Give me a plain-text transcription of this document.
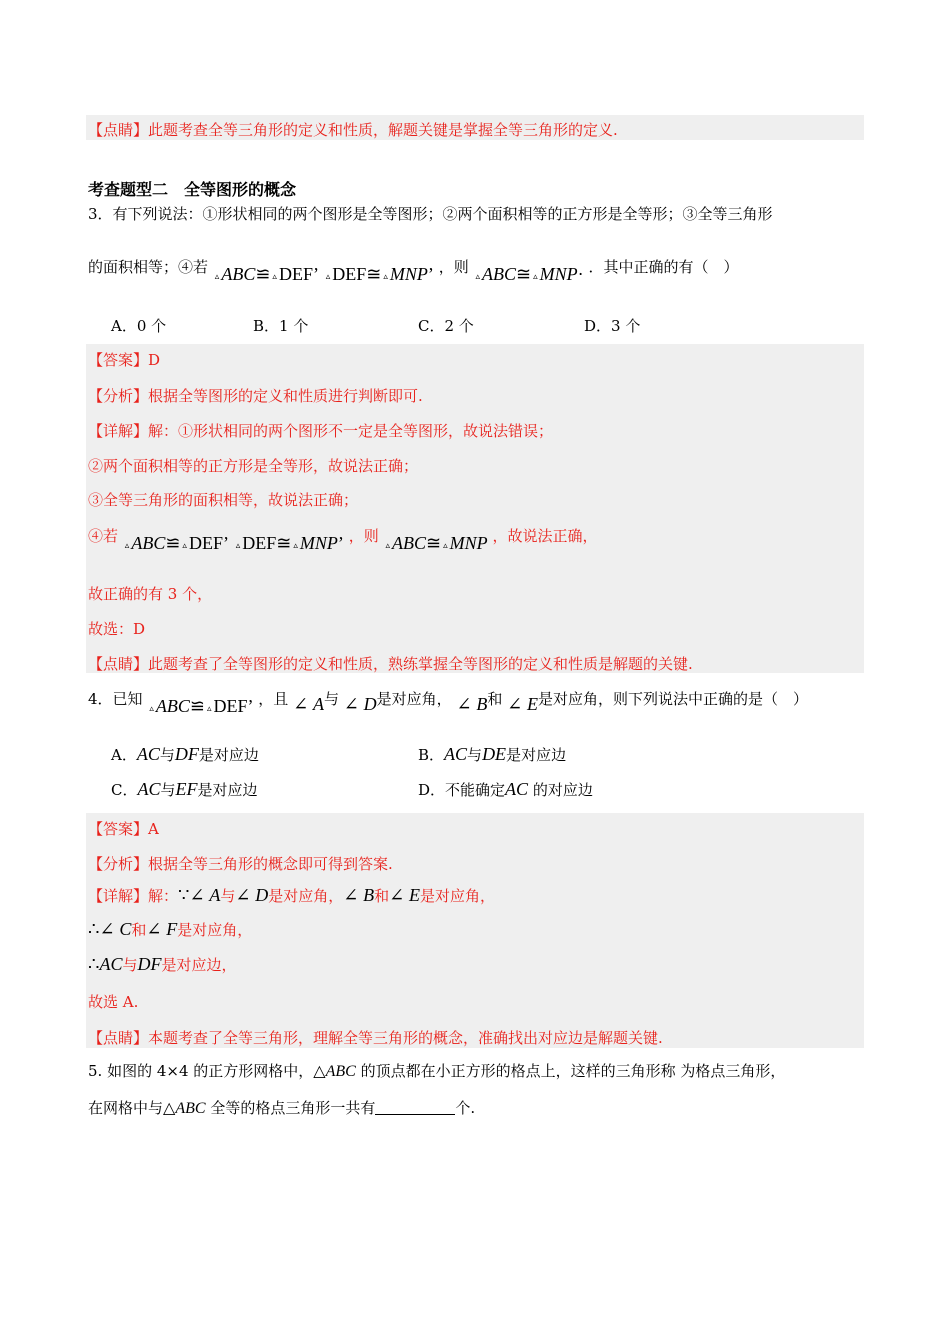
【点睛】此题考查全等三角形的定义和性质，解题关键是掌握全等三角形的定义.
考查题型二　全等图形的概念
3．有下列说法：①形状相同的两个图形是全等图形；②两个面积相等的正方形是全等形；③全等三角形
的面积相等；④若 ▵ ABC≌ ▵ DEF’ ▵ DEF≅ ▵ MNP’ ，则 ▵ ABC≅ ▵ MNP· ．其中正确的有（　）
A．0 个	B．1 个	C．2 个	D．3 个
【答案】D
【分析】根据全等图形的定义和性质进行判断即可.
【详解】解：①形状相同的两个图形不一定是全等图形，故说法错误；
②两个面积相等的正方形是全等形，故说法正确；
③全等三角形的面积相等，故说法正确；
④若 ▵ ABC≌ ▵ DEF’ ▵ DEF≅ ▵ MNP’ ，则 ▵ ABC≅ ▵ MNP ，故说法正确，
故正确的有 3 个，
故选：D
【点睛】此题考查了全等图形的定义和性质，熟练掌握全等图形的定义和性质是解题的关键.
4．已知 ▵ ABC≌ ▵ DEF’ ，且 ∠ A与 ∠ D是对应角， ∠ B和 ∠ E是对应角，则下列说法中正确的是（　）
A．AC与DF是对应边	B．AC与DE是对应边
C．AC与EF是对应边	D．不能确定AC 的对应边
【答案】A
【分析】根据全等三角形的概念即可得到答案.
【详解】解：∵∠ A与∠ D是对应角，∠ B和∠ E是对应角，
∴∠ C和∠ F是对应角，
∴AC与DF是对应边，
故选 A.
【点睛】本题考查了全等三角形，理解全等三角形的概念，准确找出对应边是解题关键.
5. 如图的 4×4 的正方形网格中，△ABC 的顶点都在小正方形的格点上，这样的三角形称 为格点三角形，
在网格中与△ABC 全等的格点三角形一共有	个.
